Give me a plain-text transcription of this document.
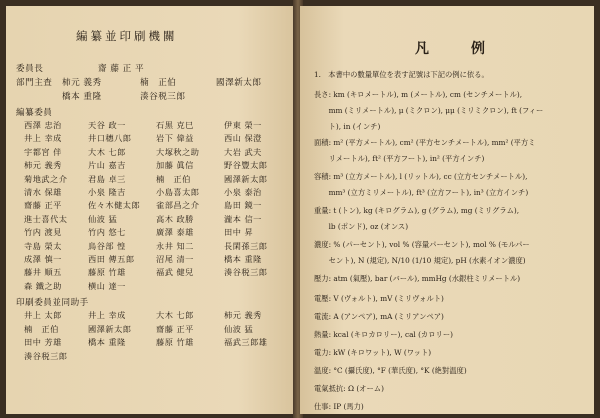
編纂並印刷機關
委員長	齋 藤 正 平
部門主査 柿元 義秀	楠　正伯	國澤新太郎
橋本 重隆	湊谷税三郎
編纂委員
西澤 忠治	天谷 政一	石黒 克巳	伊東 榮一
井上 幸成	井口穗八郎	岩下 偉益	西山 保澄
宇都宮 伴	大木 七郎	大塚秋之助	大岩 武夫
柿元 義秀	片山 嘉吉	加藤 眞信	野谷豐太郎
菊地武之介	君島 卓三	楠　正伯	國澤新太郎
清水 保雄	小泉 隆吉	小島喜太郎	小泉 泰治
齋藤 正平	佐々木健太郎 雀部昌之介	島田 鏡一
進士喜代太	仙波 猛	高木 政勝	瀧本 信一
竹内 渡見	竹内 悠七	廣澤 泰雄	田中 昇
寺島 榮太	鳥谷部 惶	永井 知二	長閑孫三郎
成澤 慎一	西田 傳五郎	沼尾 清一	橋本 重隆
藤井 順五	藤原 竹雄	福武 健兒	湊谷税三郎
森 鐵之助	横山 達一
印刷委員並同助手
井上 太郎	井上 幸成	大木 七郎	柿元 義秀
楠　正伯	國澤新太郎	齋藤 正平	仙波 猛
田中 芳雄	橋本 重隆	藤原 竹雄	福武三郎雄
湊谷税三郎
凡　例
1.　本書中の數量單位を表す記號は下記の例に依る。
長さ: km (キロメートル), m (メートル), cm (センチメートル),
　　mm (ミリメートル), μ (ミクロン), μμ (ミリミクロン), ft (フィー
　　ト), in (インチ)
面積: m² (平方メートル), cm² (平方センチメートル), mm² (平方ミ
　　リメートル), ft² (平方フート), in² (平方インチ)
容積: m³ (立方メートル), l (リットル), cc (立方センチメートル),
　　mm³ (立方ミリメートル), ft³ (立方フート), in³ (立方インチ)
重量: t (トン), kg (キログラム), g (グラム), mg (ミリグラム),
　　lb (ポンド), oz (オンス)
濃度: % (パーセント), vol % (容量パーセント), mol % (モルパー
　　セント), N (規定), N/10 (1/10 規定), pH (水素イオン濃度)
壓力: atm (氣壓), bar (バール), mmHg (水銀柱ミリメートル)
電壓: V (ヴォルト), mV (ミリヴォルト)
電流: A (アンペア), mA (ミリアンペア)
熱量: kcal (キロカロリー), cal (カロリー)
電力: kW (キロワット), W (ワット)
温度: °C (攝氏度), °F (華氏度), °K (絶對温度)
電氣抵抗: Ω (オーム)
仕事: IP (馬力)
